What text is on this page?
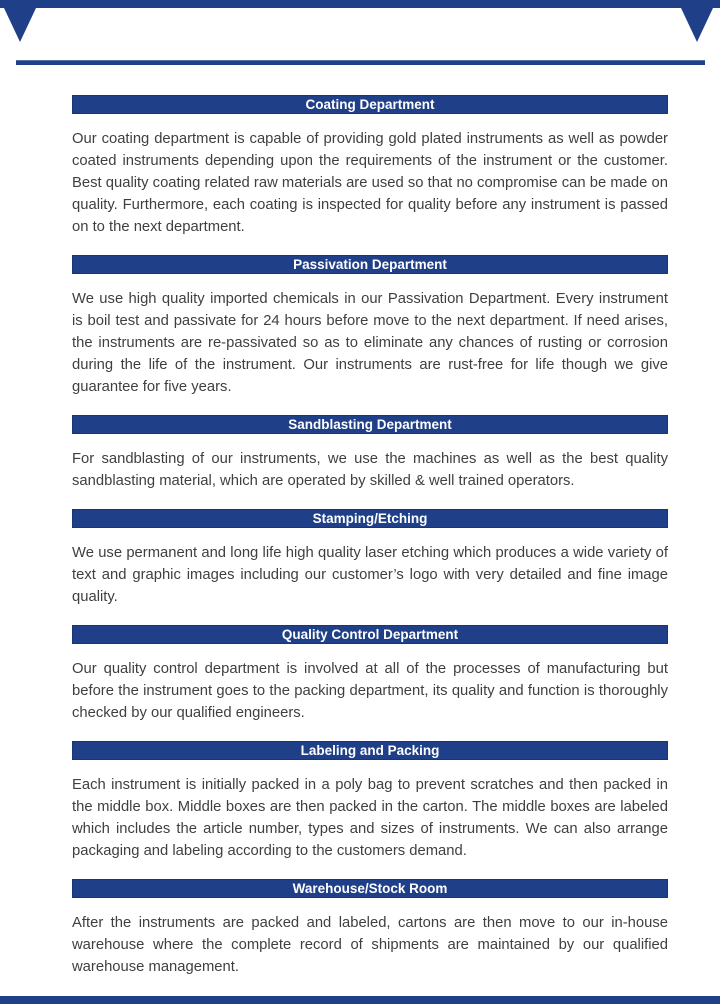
Coating Department

Our coating department is capable of providing gold plated instruments as well as powder coated instruments depending upon the requirements of the instrument or the customer. Best quality coating related raw materials are used so that no compromise can be made on quality. Furthermore, each coating is inspected for quality before any instrument is passed on to the next department.

Passivation Department

We use high quality imported chemicals in our Passivation Department. Every instrument is boil test and passivate for 24 hours before move to the next department. If need arises, the instruments are re-passivated so as to eliminate any chances of rusting or corrosion during the life of the instrument. Our instruments are rust-free for life though we give guarantee for five years.

Sandblasting Department

For sandblasting of our instruments, we use the machines as well as the best quality sandblasting material, which are operated by skilled & well trained operators.

Stamping/Etching

We use permanent and long life high quality laser etching which produces a wide variety of text and graphic images including our customer’s logo with very detailed and fine image quality.

Quality Control Department

Our quality control department is involved at all of the processes of manufacturing but before the instrument goes to the packing department, its quality and function is thoroughly checked by our qualified engineers.

Labeling and Packing

Each instrument is initially packed in a poly bag to prevent scratches and then packed in the middle box. Middle boxes are then packed in the carton. The middle boxes are labeled which includes the article number, types and sizes of instruments. We can also arrange packaging and labeling according to the customers demand.

Warehouse/Stock Room

After the instruments are packed and labeled, cartons are then move to our in-house warehouse where the complete record of shipments are maintained by our qualified warehouse management.
